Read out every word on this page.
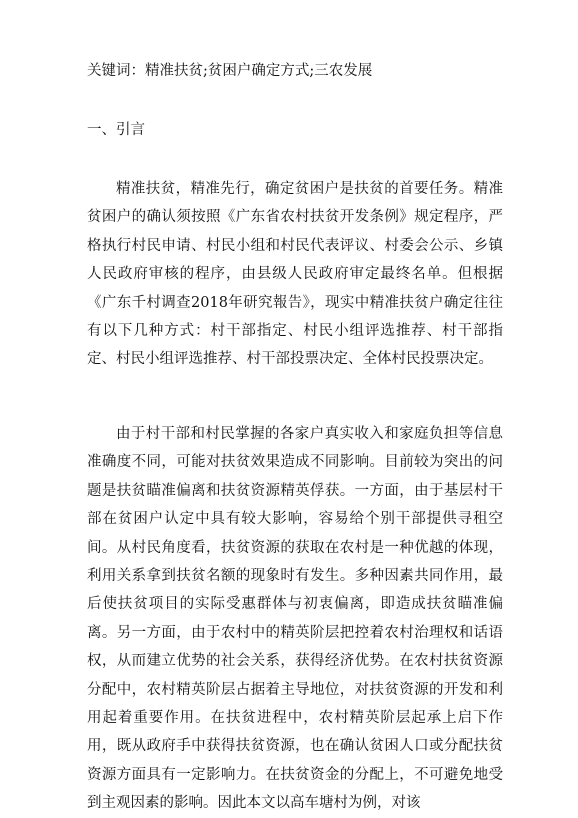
关键词：精准扶贫;贫困户确定方式;三农发展
一、引言
精准扶贫，精准先行，确定贫困户是扶贫的首要任务。精准贫困户的确认须按照《广东省农村扶贫开发条例》规定程序，严格执行村民申请、村民小组和村民代表评议、村委会公示、乡镇人民政府审核的程序，由县级人民政府审定最终名单。但根据《广东千村调查2018年研究報告》，现实中精准扶贫户确定往往有以下几种方式：村干部指定、村民小组评选推荐、村干部指定、村民小组评选推荐、村干部投票决定、全体村民投票决定。
由于村干部和村民掌握的各家户真实收入和家庭负担等信息准确度不同，可能对扶贫效果造成不同影响。目前较为突出的问题是扶贫瞄准偏离和扶贫资源精英俘获。一方面，由于基层村干部在贫困户认定中具有较大影响，容易给个别干部提供寻租空间。从村民角度看，扶贫资源的获取在农村是一种优越的体现，利用关系拿到扶贫名额的现象时有发生。多种因素共同作用，最后使扶贫项目的实际受惠群体与初衷偏离，即造成扶贫瞄准偏离。另一方面，由于农村中的精英阶层把控着农村治理权和话语权，从而建立优势的社会关系，获得经济优势。在农村扶贫资源分配中，农村精英阶层占据着主导地位，对扶贫资源的开发和利用起着重要作用。在扶贫进程中，农村精英阶层起承上启下作用，既从政府手中获得扶贫资源，也在确认贫困人口或分配扶贫资源方面具有一定影响力。在扶贫资金的分配上，不可避免地受到主观因素的影响。因此本文以高车塘村为例，对该
